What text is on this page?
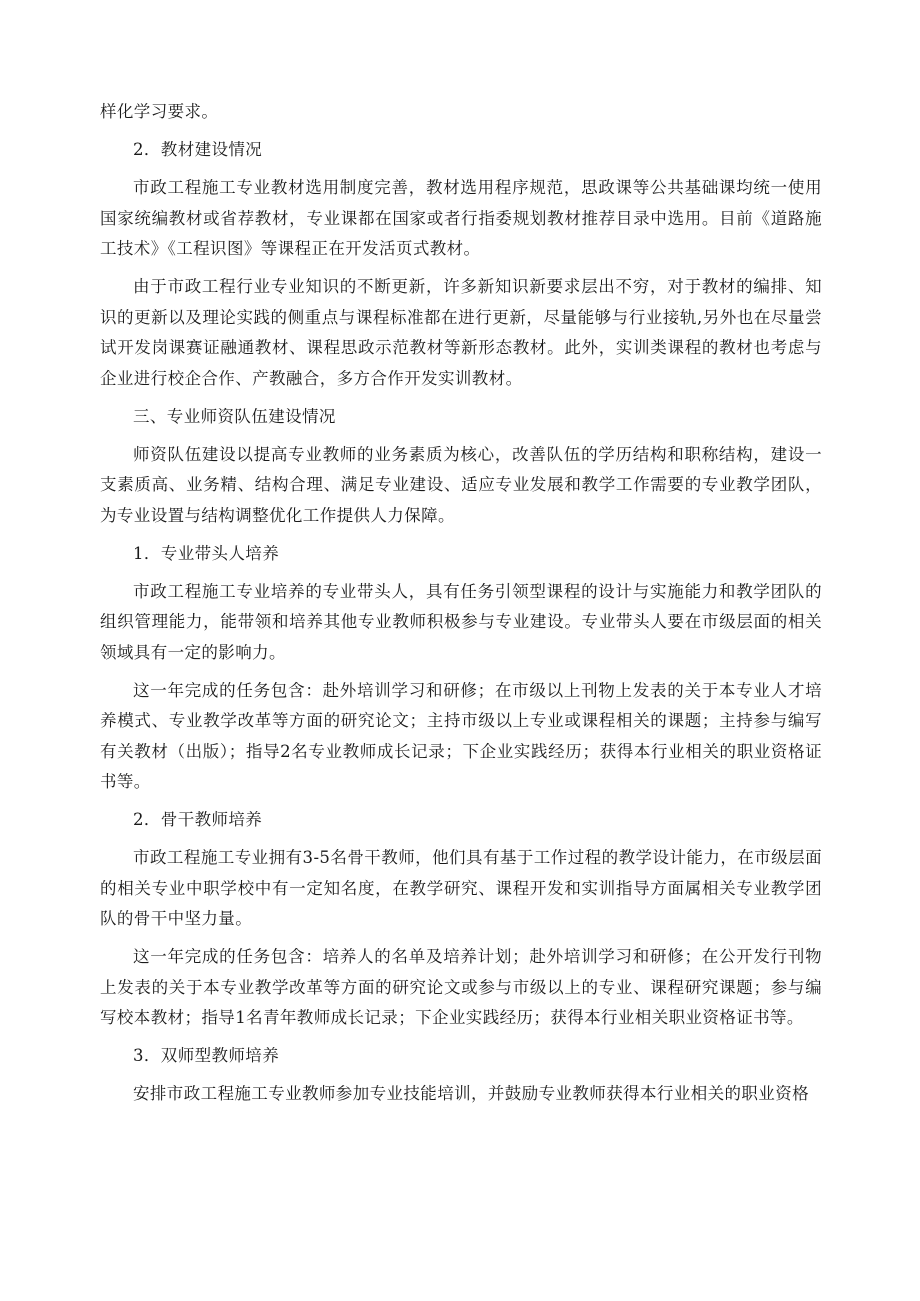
样化学习要求。

2．教材建设情况

市政工程施工专业教材选用制度完善，教材选用程序规范，思政课等公共基础课均统一使用国家统编教材或省荐教材，专业课都在国家或者行指委规划教材推荐目录中选用。目前《道路施工技术》《工程识图》等课程正在开发活页式教材。

由于市政工程行业专业知识的不断更新，许多新知识新要求层出不穷，对于教材的编排、知识的更新以及理论实践的侧重点与课程标准都在进行更新，尽量能够与行业接轨,另外也在尽量尝试开发岗课赛证融通教材、课程思政示范教材等新形态教材。此外，实训类课程的教材也考虑与企业进行校企合作、产教融合，多方合作开发实训教材。

三、专业师资队伍建设情况

师资队伍建设以提高专业教师的业务素质为核心，改善队伍的学历结构和职称结构，建设一支素质高、业务精、结构合理、满足专业建设、适应专业发展和教学工作需要的专业教学团队，为专业设置与结构调整优化工作提供人力保障。

1．专业带头人培养

市政工程施工专业培养的专业带头人，具有任务引领型课程的设计与实施能力和教学团队的组织管理能力，能带领和培养其他专业教师积极参与专业建设。专业带头人要在市级层面的相关领域具有一定的影响力。

这一年完成的任务包含：赴外培训学习和研修；在市级以上刊物上发表的关于本专业人才培养模式、专业教学改革等方面的研究论文；主持市级以上专业或课程相关的课题；主持参与编写有关教材（出版）；指导2名专业教师成长记录；下企业实践经历；获得本行业相关的职业资格证书等。

2．骨干教师培养

市政工程施工专业拥有3-5名骨干教师，他们具有基于工作过程的教学设计能力，在市级层面的相关专业中职学校中有一定知名度，在教学研究、课程开发和实训指导方面属相关专业教学团队的骨干中坚力量。

这一年完成的任务包含：培养人的名单及培养计划；赴外培训学习和研修；在公开发行刊物上发表的关于本专业教学改革等方面的研究论文或参与市级以上的专业、课程研究课题；参与编写校本教材；指导1名青年教师成长记录；下企业实践经历；获得本行业相关职业资格证书等。

3．双师型教师培养

安排市政工程施工专业教师参加专业技能培训，并鼓励专业教师获得本行业相关的职业资格
